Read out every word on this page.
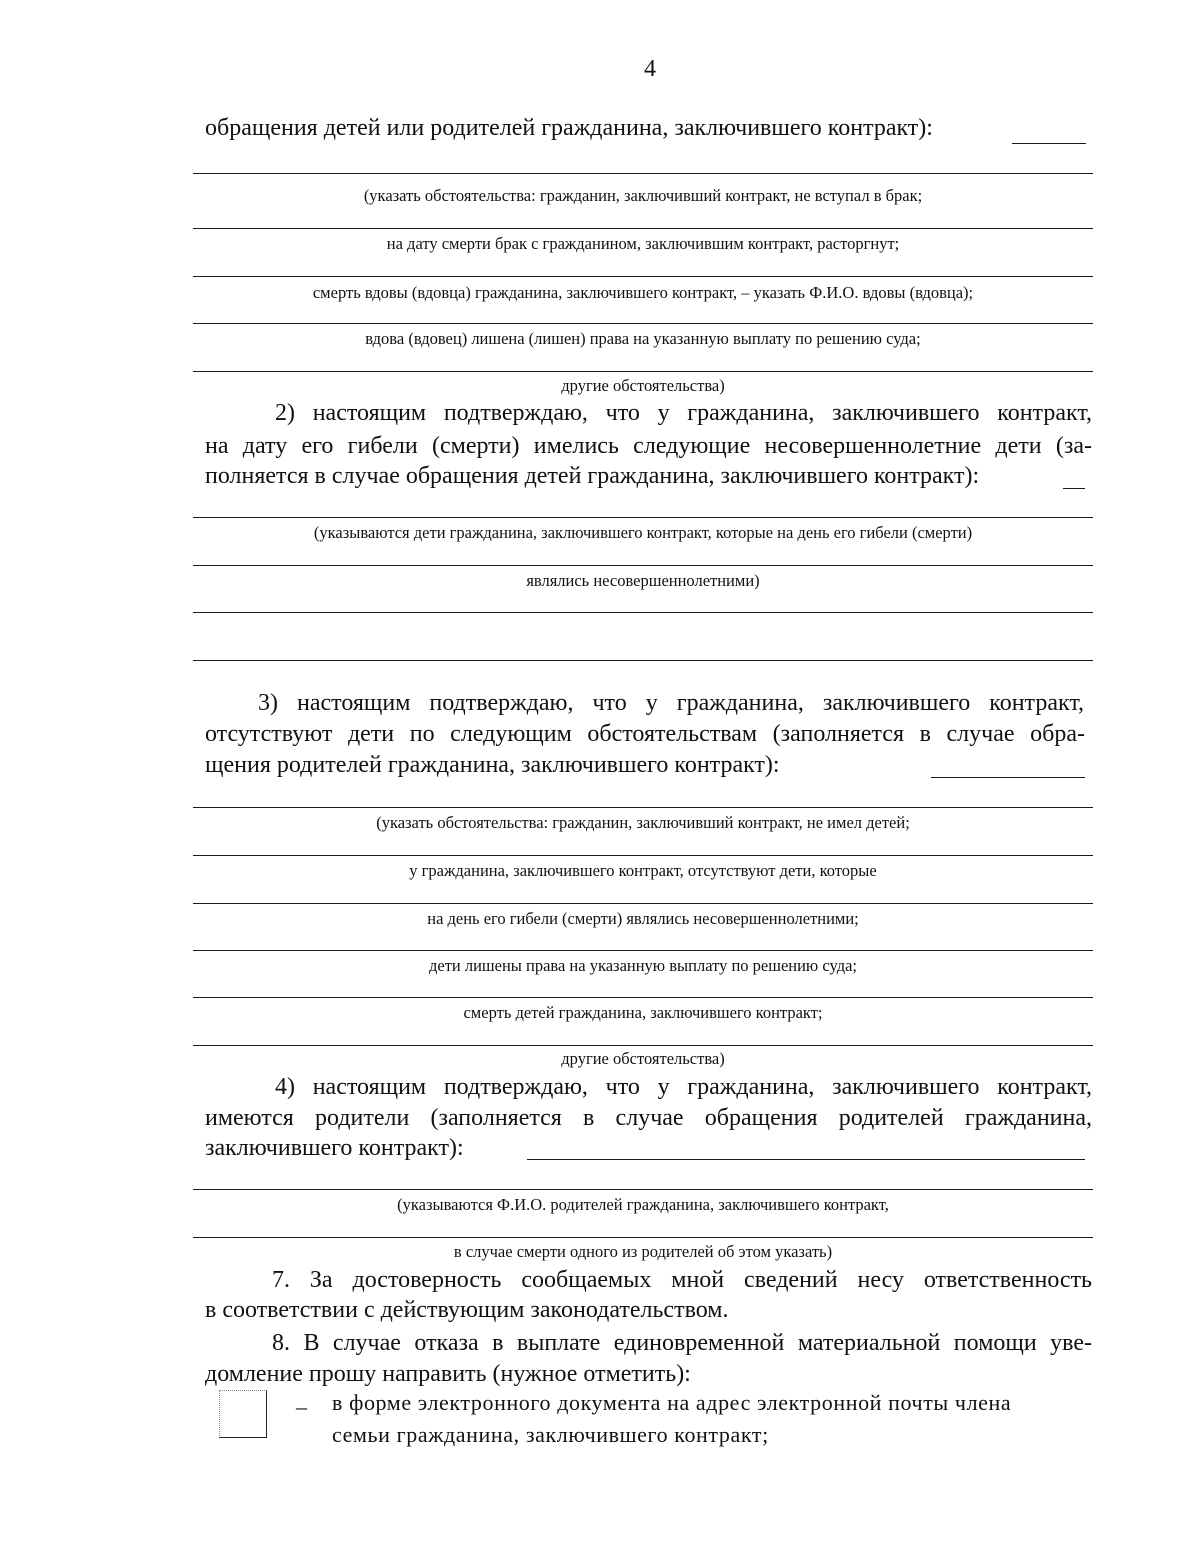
4
обращения детей или родителей гражданина, заключившего контракт):
(указать обстоятельства: гражданин, заключивший контракт, не вступал в брак;
на дату смерти брак с гражданином, заключившим контракт, расторгнут;
смерть вдовы (вдовца) гражданина, заключившего контракт, – указать Ф.И.О. вдовы (вдовца);
вдова (вдовец) лишена (лишен) права на указанную выплату по решению суда;
другие обстоятельства)
2) настоящим подтверждаю, что у гражданина, заключившего контракт,
на дату его гибели (смерти) имелись следующие несовершеннолетние дети (за-
полняется в случае обращения детей гражданина, заключившего контракт):
(указываются дети гражданина, заключившего контракт, которые на день его гибели (смерти)
являлись несовершеннолетними)
3) настоящим подтверждаю, что у гражданина, заключившего контракт,
отсутствуют дети по следующим обстоятельствам (заполняется в случае обра-
щения родителей гражданина, заключившего контракт):
(указать обстоятельства: гражданин, заключивший контракт, не имел детей;
у гражданина, заключившего контракт, отсутствуют дети, которые
на день его гибели (смерти) являлись несовершеннолетними;
дети лишены права на указанную выплату по решению суда;
смерть детей гражданина, заключившего контракт;
другие обстоятельства)
4) настоящим подтверждаю, что у гражданина, заключившего контракт,
имеются родители (заполняется в случае обращения родителей гражданина,
заключившего контракт):
(указываются Ф.И.О. родителей гражданина, заключившего контракт,
в случае смерти одного из родителей об этом указать)
7. За достоверность сообщаемых мной сведений несу ответственность
в соответствии с действующим законодательством.
8. В случае отказа в выплате единовременной материальной помощи уве-
домление прошу направить (нужное отметить):
– в форме электронного документа на адрес электронной почты члена
семьи гражданина, заключившего контракт;
